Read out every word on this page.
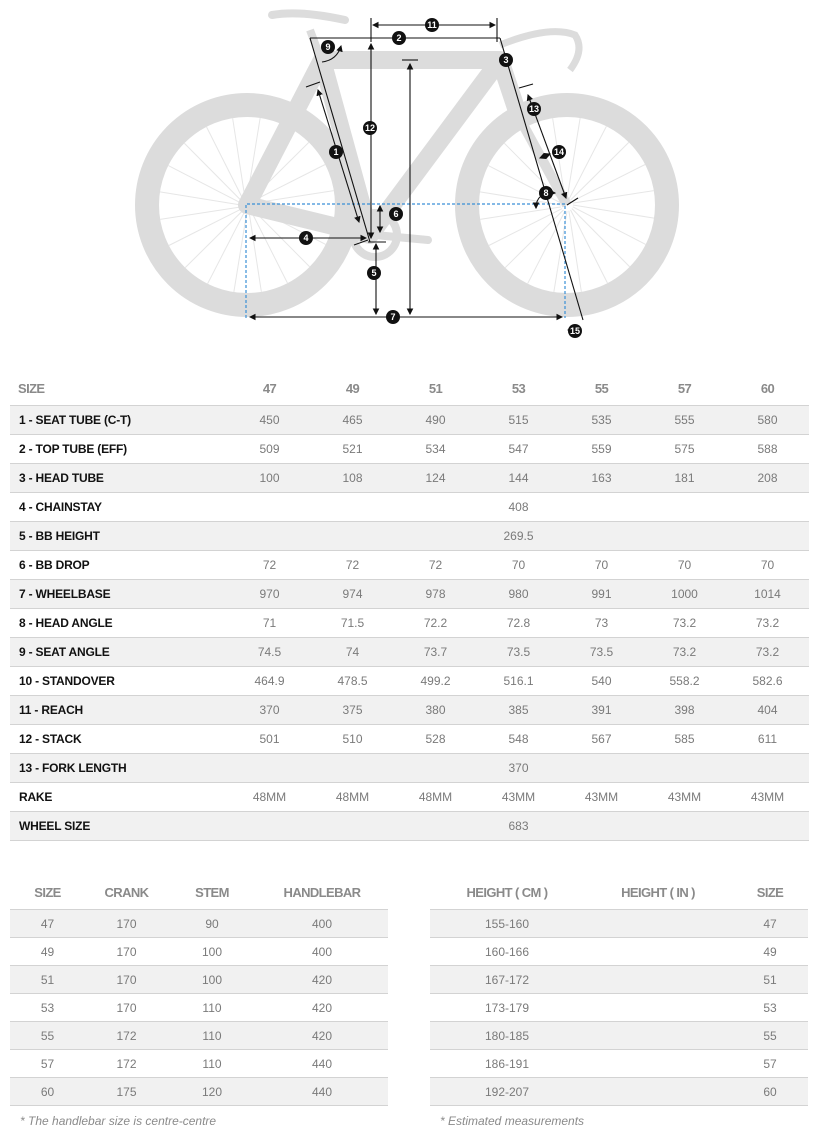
1
2
3
4
5
6
7
8
9
11
12
13
14
15
SIZE	47	49	51	53	55	57	60
1 - SEAT TUBE (C-T)	450	465	490	515	535	555	580
2 - TOP TUBE (EFF)	509	521	534	547	559	575	588
3 - HEAD TUBE	100	108	124	144	163	181	208
4 - CHAINSTAY	408						
5 - BB HEIGHT	269.5						
6 - BB DROP	72	72	72	70	70	70	70
7 - WHEELBASE	970	974	978	980	991	1000	1014
8 - HEAD ANGLE	71	71.5	72.2	72.8	73	73.2	73.2
9 - SEAT ANGLE	74.5	74	73.7	73.5	73.5	73.2	73.2
10 - STANDOVER	464.9	478.5	499.2	516.1	540	558.2	582.6
11 - REACH	370	375	380	385	391	398	404
12 - STACK	501	510	528	548	567	585	611
13 - FORK LENGTH	370						
RAKE	48MM	48MM	48MM	43MM	43MM	43MM	43MM
WHEEL SIZE	683						
SIZE	CRANK	STEM	HANDLEBAR
47	170	90	400
49	170	100	400
51	170	100	420
53	170	110	420
55	172	110	420
57	172	110	440
60	175	120	440
* The handlebar size is centre-centre
HEIGHT ( CM )	HEIGHT ( IN )	SIZE
155-160		47
160-166		49
167-172		51
173-179		53
180-185		55
186-191		57
192-207		60
* Estimated measurements
